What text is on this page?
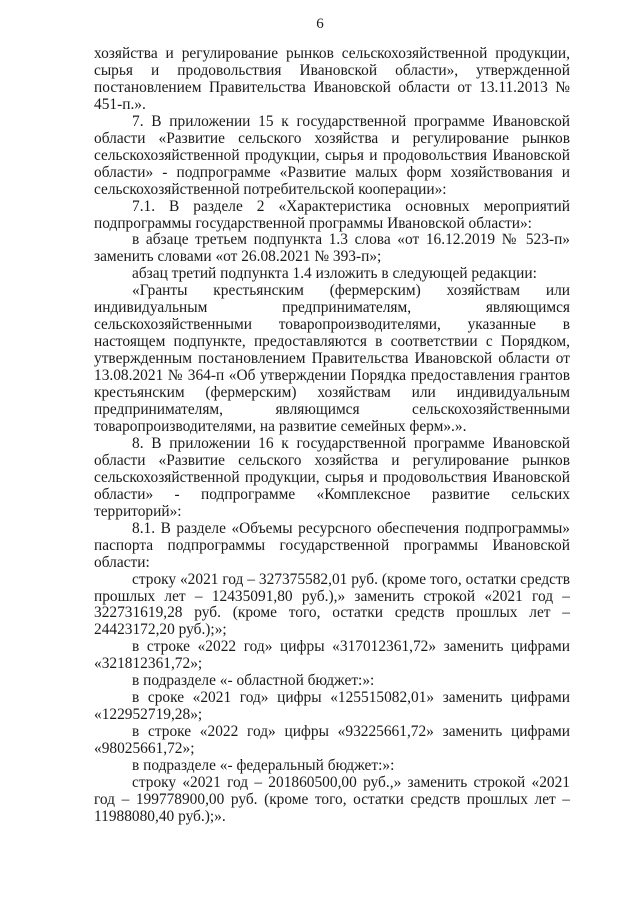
6

хозяйства и регулирование рынков сельскохозяйственной продукции, сырья и продовольствия Ивановской области», утвержденной постановлением Правительства Ивановской области от 13.11.2013 № 451-п.».

7. В приложении 15 к государственной программе Ивановской области «Развитие сельского хозяйства и регулирование рынков сельскохозяйственной продукции, сырья и продовольствия Ивановской области» - подпрограмме «Развитие малых форм хозяйствования и сельскохозяйственной потребительской кооперации»:

7.1. В разделе 2 «Характеристика основных мероприятий подпрограммы государственной программы Ивановской области»:

в абзаце третьем подпункта 1.3 слова «от 16.12.2019 № 523-п» заменить словами «от 26.08.2021 № 393-п»;

абзац третий подпункта 1.4 изложить в следующей редакции:

«Гранты крестьянским (фермерским) хозяйствам или индивидуальным предпринимателям, являющимся сельскохозяйственными товаропроизводителями, указанные в настоящем подпункте, предоставляются в соответствии с Порядком, утвержденным постановлением Правительства Ивановской области от 13.08.2021 № 364-п «Об утверждении Порядка предоставления грантов крестьянским (фермерским) хозяйствам или индивидуальным предпринимателям, являющимся сельскохозяйственными товаропроизводителями, на развитие семейных ферм».».

8. В приложении 16 к государственной программе Ивановской области «Развитие сельского хозяйства и регулирование рынков сельскохозяйственной продукции, сырья и продовольствия Ивановской области» - подпрограмме «Комплексное развитие сельских территорий»:

8.1. В разделе «Объемы ресурсного обеспечения подпрограммы» паспорта подпрограммы государственной программы Ивановской области:

строку «2021 год – 327375582,01 руб. (кроме того, остатки средств прошлых лет – 12435091,80 руб.),» заменить строкой «2021 год – 322731619,28 руб. (кроме того, остатки средств прошлых лет – 24423172,20 руб.);»;

в строке «2022 год» цифры «317012361,72» заменить цифрами «321812361,72»;

в подразделе «- областной бюджет:»:

в сроке «2021 год» цифры «125515082,01» заменить цифрами «122952719,28»;

в строке «2022 год» цифры «93225661,72» заменить цифрами «98025661,72»;

в подразделе «- федеральный бюджет:»:

строку «2021 год – 201860500,00 руб.,» заменить строкой «2021 год – 199778900,00 руб. (кроме того, остатки средств прошлых лет – 11988080,40 руб.);».
